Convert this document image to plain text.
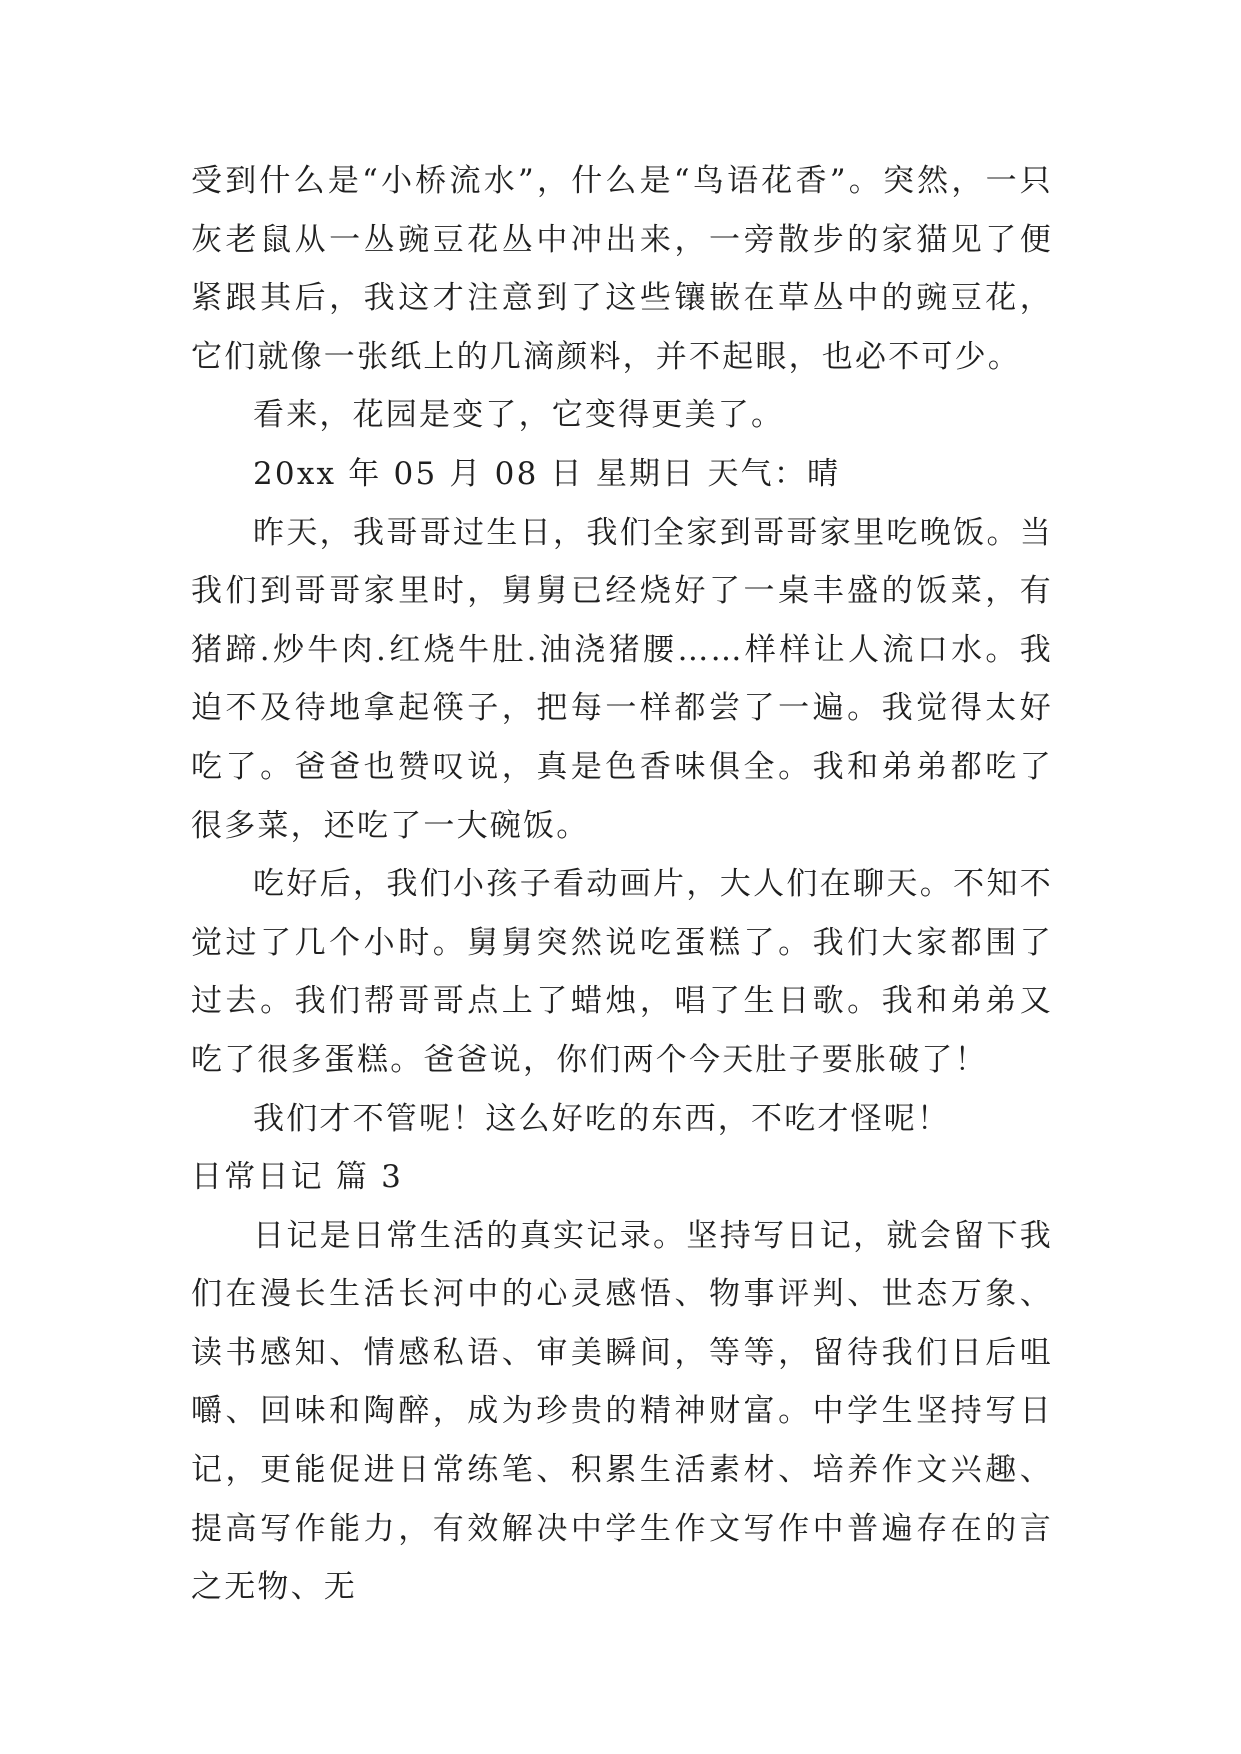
受到什么是“小桥流水”，什么是“鸟语花香”。突然，一只灰老鼠从一丛豌豆花丛中冲出来，一旁散步的家猫见了便紧跟其后，我这才注意到了这些镶嵌在草丛中的豌豆花，它们就像一张纸上的几滴颜料，并不起眼，也必不可少。

看来，花园是变了，它变得更美了。

20xx 年 05 月 08 日 星期日 天气：晴

昨天，我哥哥过生日，我们全家到哥哥家里吃晚饭。当我们到哥哥家里时，舅舅已经烧好了一桌丰盛的饭菜，有猪蹄.炒牛肉.红烧牛肚.油浇猪腰……样样让人流口水。我迫不及待地拿起筷子，把每一样都尝了一遍。我觉得太好吃了。爸爸也赞叹说，真是色香味俱全。我和弟弟都吃了很多菜，还吃了一大碗饭。

吃好后，我们小孩子看动画片，大人们在聊天。不知不觉过了几个小时。舅舅突然说吃蛋糕了。我们大家都围了过去。我们帮哥哥点上了蜡烛，唱了生日歌。我和弟弟又吃了很多蛋糕。爸爸说，你们两个今天肚子要胀破了！

我们才不管呢！这么好吃的东西，不吃才怪呢！

日常日记 篇 3

日记是日常生活的真实记录。坚持写日记，就会留下我们在漫长生活长河中的心灵感悟、物事评判、世态万象、读书感知、情感私语、审美瞬间，等等，留待我们日后咀嚼、回味和陶醉，成为珍贵的精神财富。中学生坚持写日记，更能促进日常练笔、积累生活素材、培养作文兴趣、提高写作能力，有效解决中学生作文写作中普遍存在的言之无物、无
